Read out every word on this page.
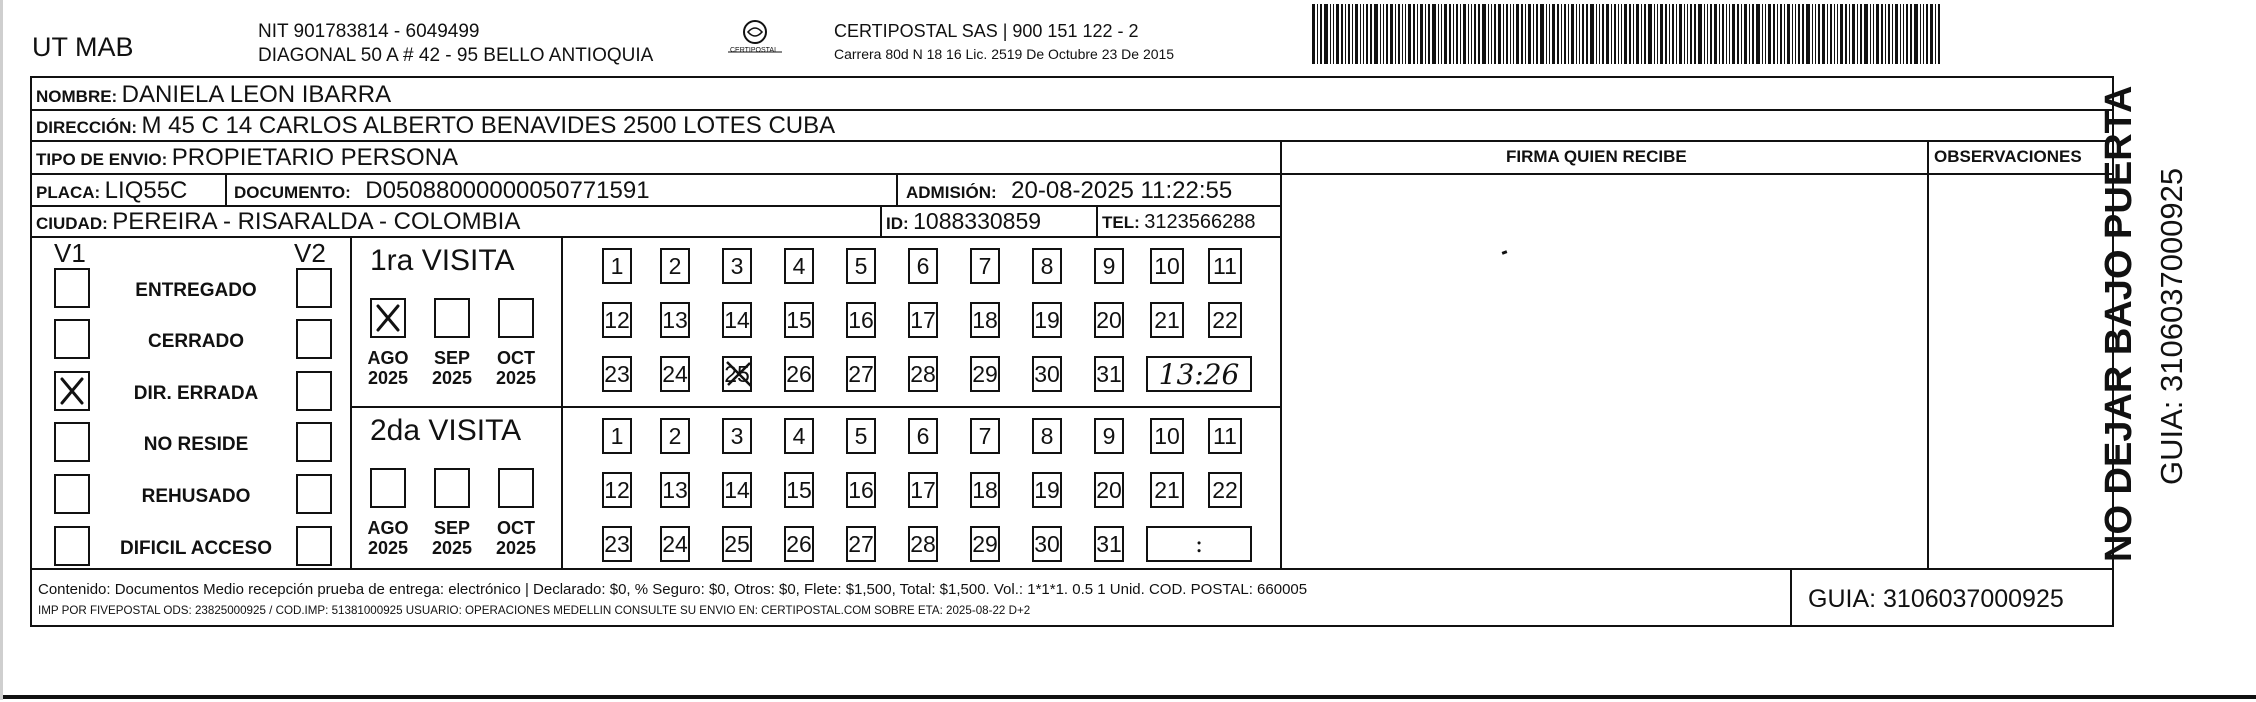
UT MAB
NIT 901783814 - 6049499
DIAGONAL 50 A # 42 - 95 BELLO ANTIOQUIA	CERTIPOSTAL
CERTIPOSTAL SAS | 900 151 122 - 2
Carrera 80d N 18 16 Lic. 2519 De Octubre 23 De 2015
NOMBRE: DANIELA LEON IBARRA
DIRECCIÓN: M 45 C 14 CARLOS ALBERTO BENAVIDES 2500 LOTES CUBA
TIPO DE ENVIO: PROPIETARIO PERSONA
PLACA: LIQ55C	DOCUMENTO: D05088000000050771591	ADMISIÓN: 20-08-2025 11:22:55
CIUDAD: PEREIRA - RISARALDA - COLOMBIA	ID: 1088330859	TEL: 3123566288
FIRMA QUIEN RECIBE	OBSERVACIONES
V1	V2
ENTREGADO
CERRADO
DIR. ERRADA
NO RESIDE
REHUSADO
DIFICIL ACCESO
1ra VISITA
AGO
2025
SEP
2025
OCT
2025
1 2 3 4 5 6 7 8 9 10 11
12 13 14 15 16 17 18 19 20 21 22
23 24 25 26 27 28 29 30 31 13:26
2da VISITA
AGO
2025
SEP
2025
OCT
2025
1 2 3 4 5 6 7 8 9 10 11
12 13 14 15 16 17 18 19 20 21 22
23 24 25 26 27 28 29 30 31	:
Contenido: Documentos Medio recepción prueba de entrega: electrónico | Declarado: $0, % Seguro: $0, Otros: $0, Flete: $1,500, Total: $1,500. Vol.: 1*1*1. 0.5 1 Unid. COD. POSTAL: 660005
IMP POR FIVEPOSTAL ODS: 23825000925 / COD.IMP: 51381000925 USUARIO: OPERACIONES MEDELLIN CONSULTE SU ENVIO EN: CERTIPOSTAL.COM SOBRE ETA: 2025-08-22 D+2	GUIA: 3106037000925
NO DEJAR BAJO PUERTA GUIA: 3106037000925
